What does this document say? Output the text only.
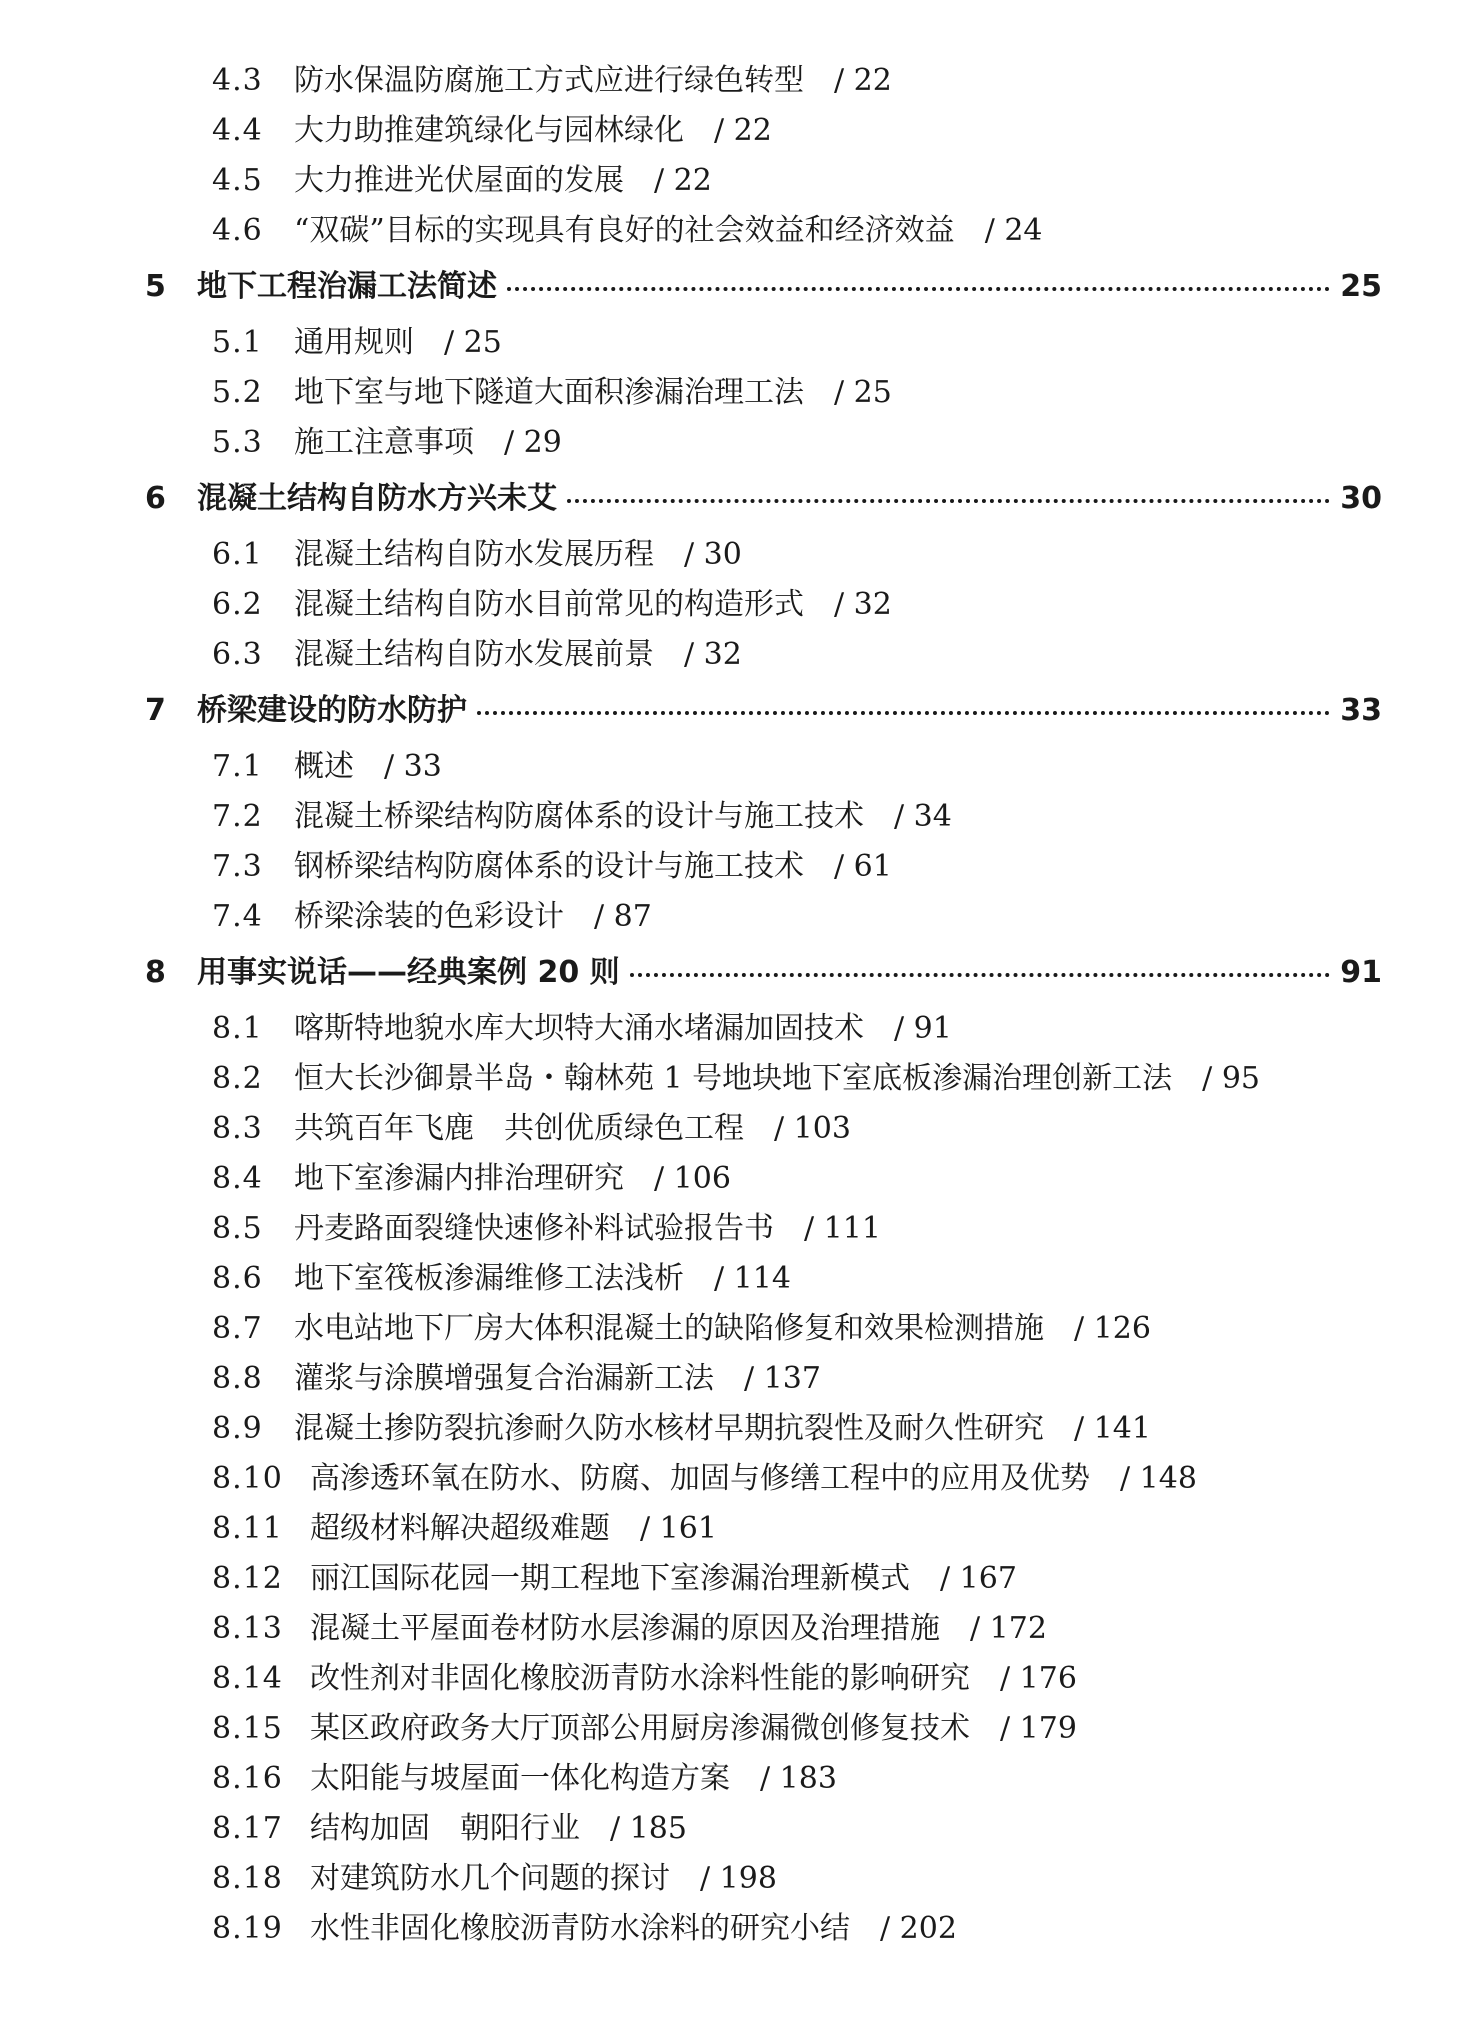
4.3 防水保温防腐施工方式应进行绿色转型 / 22
4.4 大力助推建筑绿化与园林绿化 / 22
4.5 大力推进光伏屋面的发展 / 22
4.6 “双碳”目标的实现具有良好的社会效益和经济效益 / 24
5	地下工程治漏工法简述	25
5.1 通用规则 / 25
5.2 地下室与地下隧道大面积渗漏治理工法 / 25
5.3 施工注意事项 / 29
6	混凝土结构自防水方兴未艾	30
6.1 混凝土结构自防水发展历程 / 30
6.2 混凝土结构自防水目前常见的构造形式 / 32
6.3 混凝土结构自防水发展前景 / 32
7	桥梁建设的防水防护	33
7.1 概述 / 33
7.2 混凝土桥梁结构防腐体系的设计与施工技术 / 34
7.3 钢桥梁结构防腐体系的设计与施工技术 / 61
7.4 桥梁涂装的色彩设计 / 87
8	用事实说话——经典案例 20 则	91
8.1 喀斯特地貌水库大坝特大涌水堵漏加固技术 / 91
8.2 恒大长沙御景半岛・翰林苑 1 号地块地下室底板渗漏治理创新工法 / 95
8.3 共筑百年飞鹿　共创优质绿色工程 / 103
8.4 地下室渗漏内排治理研究 / 106
8.5 丹麦路面裂缝快速修补料试验报告书 / 111
8.6 地下室筏板渗漏维修工法浅析 / 114
8.7 水电站地下厂房大体积混凝土的缺陷修复和效果检测措施 / 126
8.8 灌浆与涂膜增强复合治漏新工法 / 137
8.9 混凝土掺防裂抗渗耐久防水核材早期抗裂性及耐久性研究 / 141
8.10 高渗透环氧在防水、防腐、加固与修缮工程中的应用及优势 / 148
8.11 超级材料解决超级难题 / 161
8.12 丽江国际花园一期工程地下室渗漏治理新模式 / 167
8.13 混凝土平屋面卷材防水层渗漏的原因及治理措施 / 172
8.14 改性剂对非固化橡胶沥青防水涂料性能的影响研究 / 176
8.15 某区政府政务大厅顶部公用厨房渗漏微创修复技术 / 179
8.16 太阳能与坡屋面一体化构造方案 / 183
8.17 结构加固　朝阳行业 / 185
8.18 对建筑防水几个问题的探讨 / 198
8.19 水性非固化橡胶沥青防水涂料的研究小结 / 202
